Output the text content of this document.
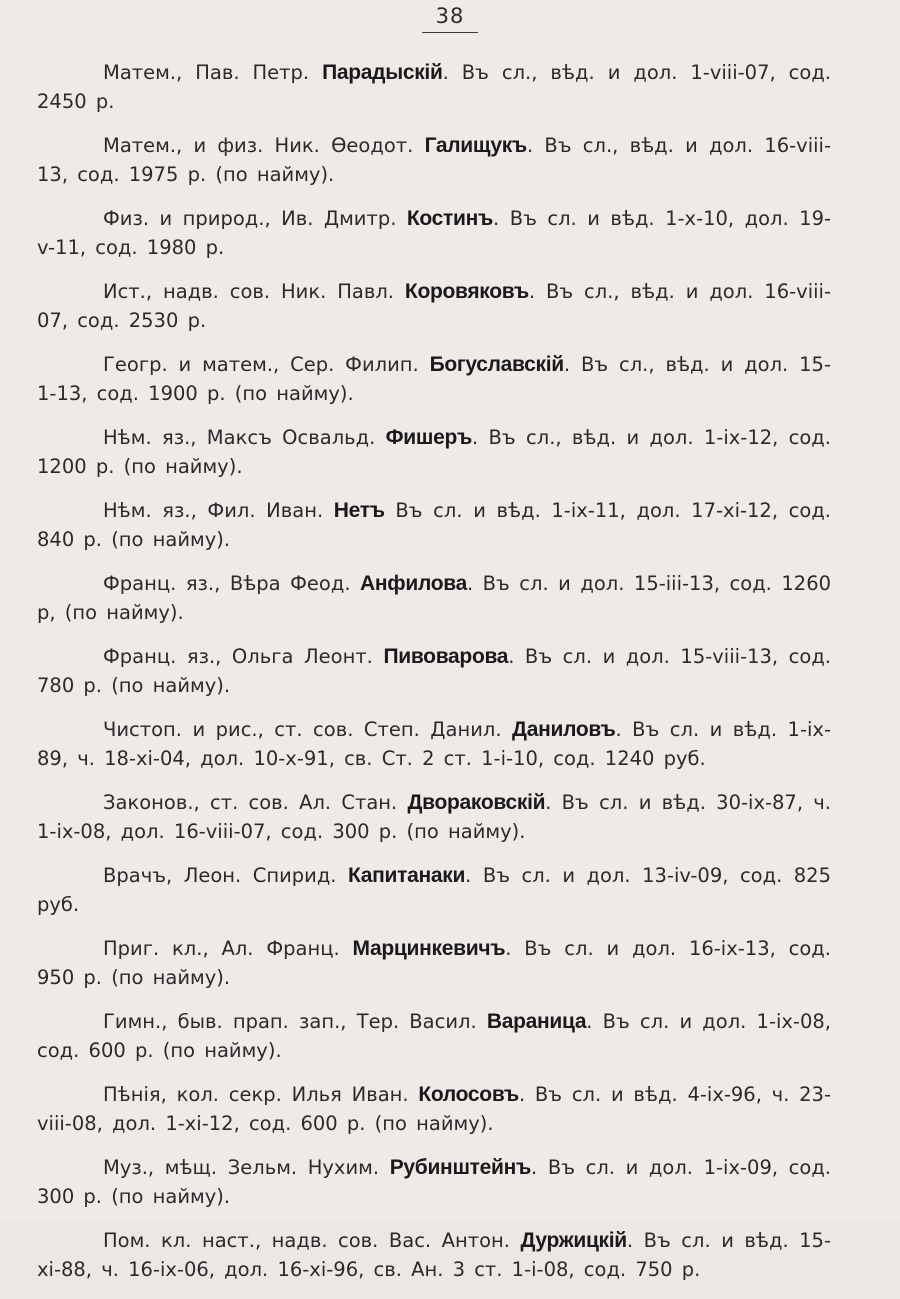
38

Матем., Пав. Петр. Парадыскій. Въ сл., вѣд. и дол. 1-viii-07, сод. 2450 р.

Матем., и физ. Ник. Өеодот. Галищукъ. Въ сл., вѣд. и дол. 16-viii-13, сод. 1975 р. (по найму).

Физ. и природ., Ив. Дмитр. Костинъ. Въ сл. и вѣд. 1-x-10, дол. 19-v-11, сод. 1980 р.

Ист., надв. сов. Ник. Павл. Коровяковъ. Въ сл., вѣд. и дол. 16-viii-07, сод. 2530 р.

Геогр. и матем., Сер. Филип. Богуславскій. Въ сл., вѣд. и дол. 15-1-13, сод. 1900 р. (по найму).

Нѣм. яз., Максъ Освальд. Фишеръ. Въ сл., вѣд. и дол. 1-ix-12, сод. 1200 р. (по найму).

Нѣм. яз., Фил. Иван. Нетъ Въ сл. и вѣд. 1-ix-11, дол. 17-xi-12, сод. 840 р. (по найму).

Франц. яз., Вѣра Феод. Анфилова. Въ сл. и дол. 15-iii-13, сод. 1260 р, (по найму).

Франц. яз., Ольга Леонт. Пивоварова. Въ сл. и дол. 15-viii-13, сод. 780 р. (по найму).

Чистоп. и рис., ст. сов. Степ. Данил. Даниловъ. Въ сл. и вѣд. 1-ix-89, ч. 18-xi-04, дол. 10-x-91, св. Ст. 2 ст. 1-i-10, сод. 1240 руб.

Законов., ст. сов. Ал. Стан. Двораковскій. Въ сл. и вѣд. 30-ix-87, ч. 1-ix-08, дол. 16-viii-07, сод. 300 р. (по найму).

Врачъ, Леон. Спирид. Капитанаки. Въ сл. и дол. 13-iv-09, сод. 825 руб.

Приг. кл., Ал. Франц. Марцинкевичъ. Въ сл. и дол. 16-ix-13, сод. 950 р. (по найму).

Гимн., быв. прап. зап., Тер. Васил. Вараница. Въ сл. и дол. 1-ix-08, сод. 600 р. (по найму).

Пѣнія, кол. секр. Илья Иван. Колосовъ. Въ сл. и вѣд. 4-ix-96, ч. 23-viii-08, дол. 1-xi-12, сод. 600 р. (по найму).

Муз., мѣщ. Зельм. Нухим. Рубинштейнъ. Въ сл. и дол. 1-ix-09, сод. 300 р. (по найму).

Пом. кл. наст., надв. сов. Вас. Антон. Дуржицкій. Въ сл. и вѣд. 15-xi-88, ч. 16-ix-06, дол. 16-xi-96, св. Ан. 3 ст. 1-i-08, сод. 750 р.
